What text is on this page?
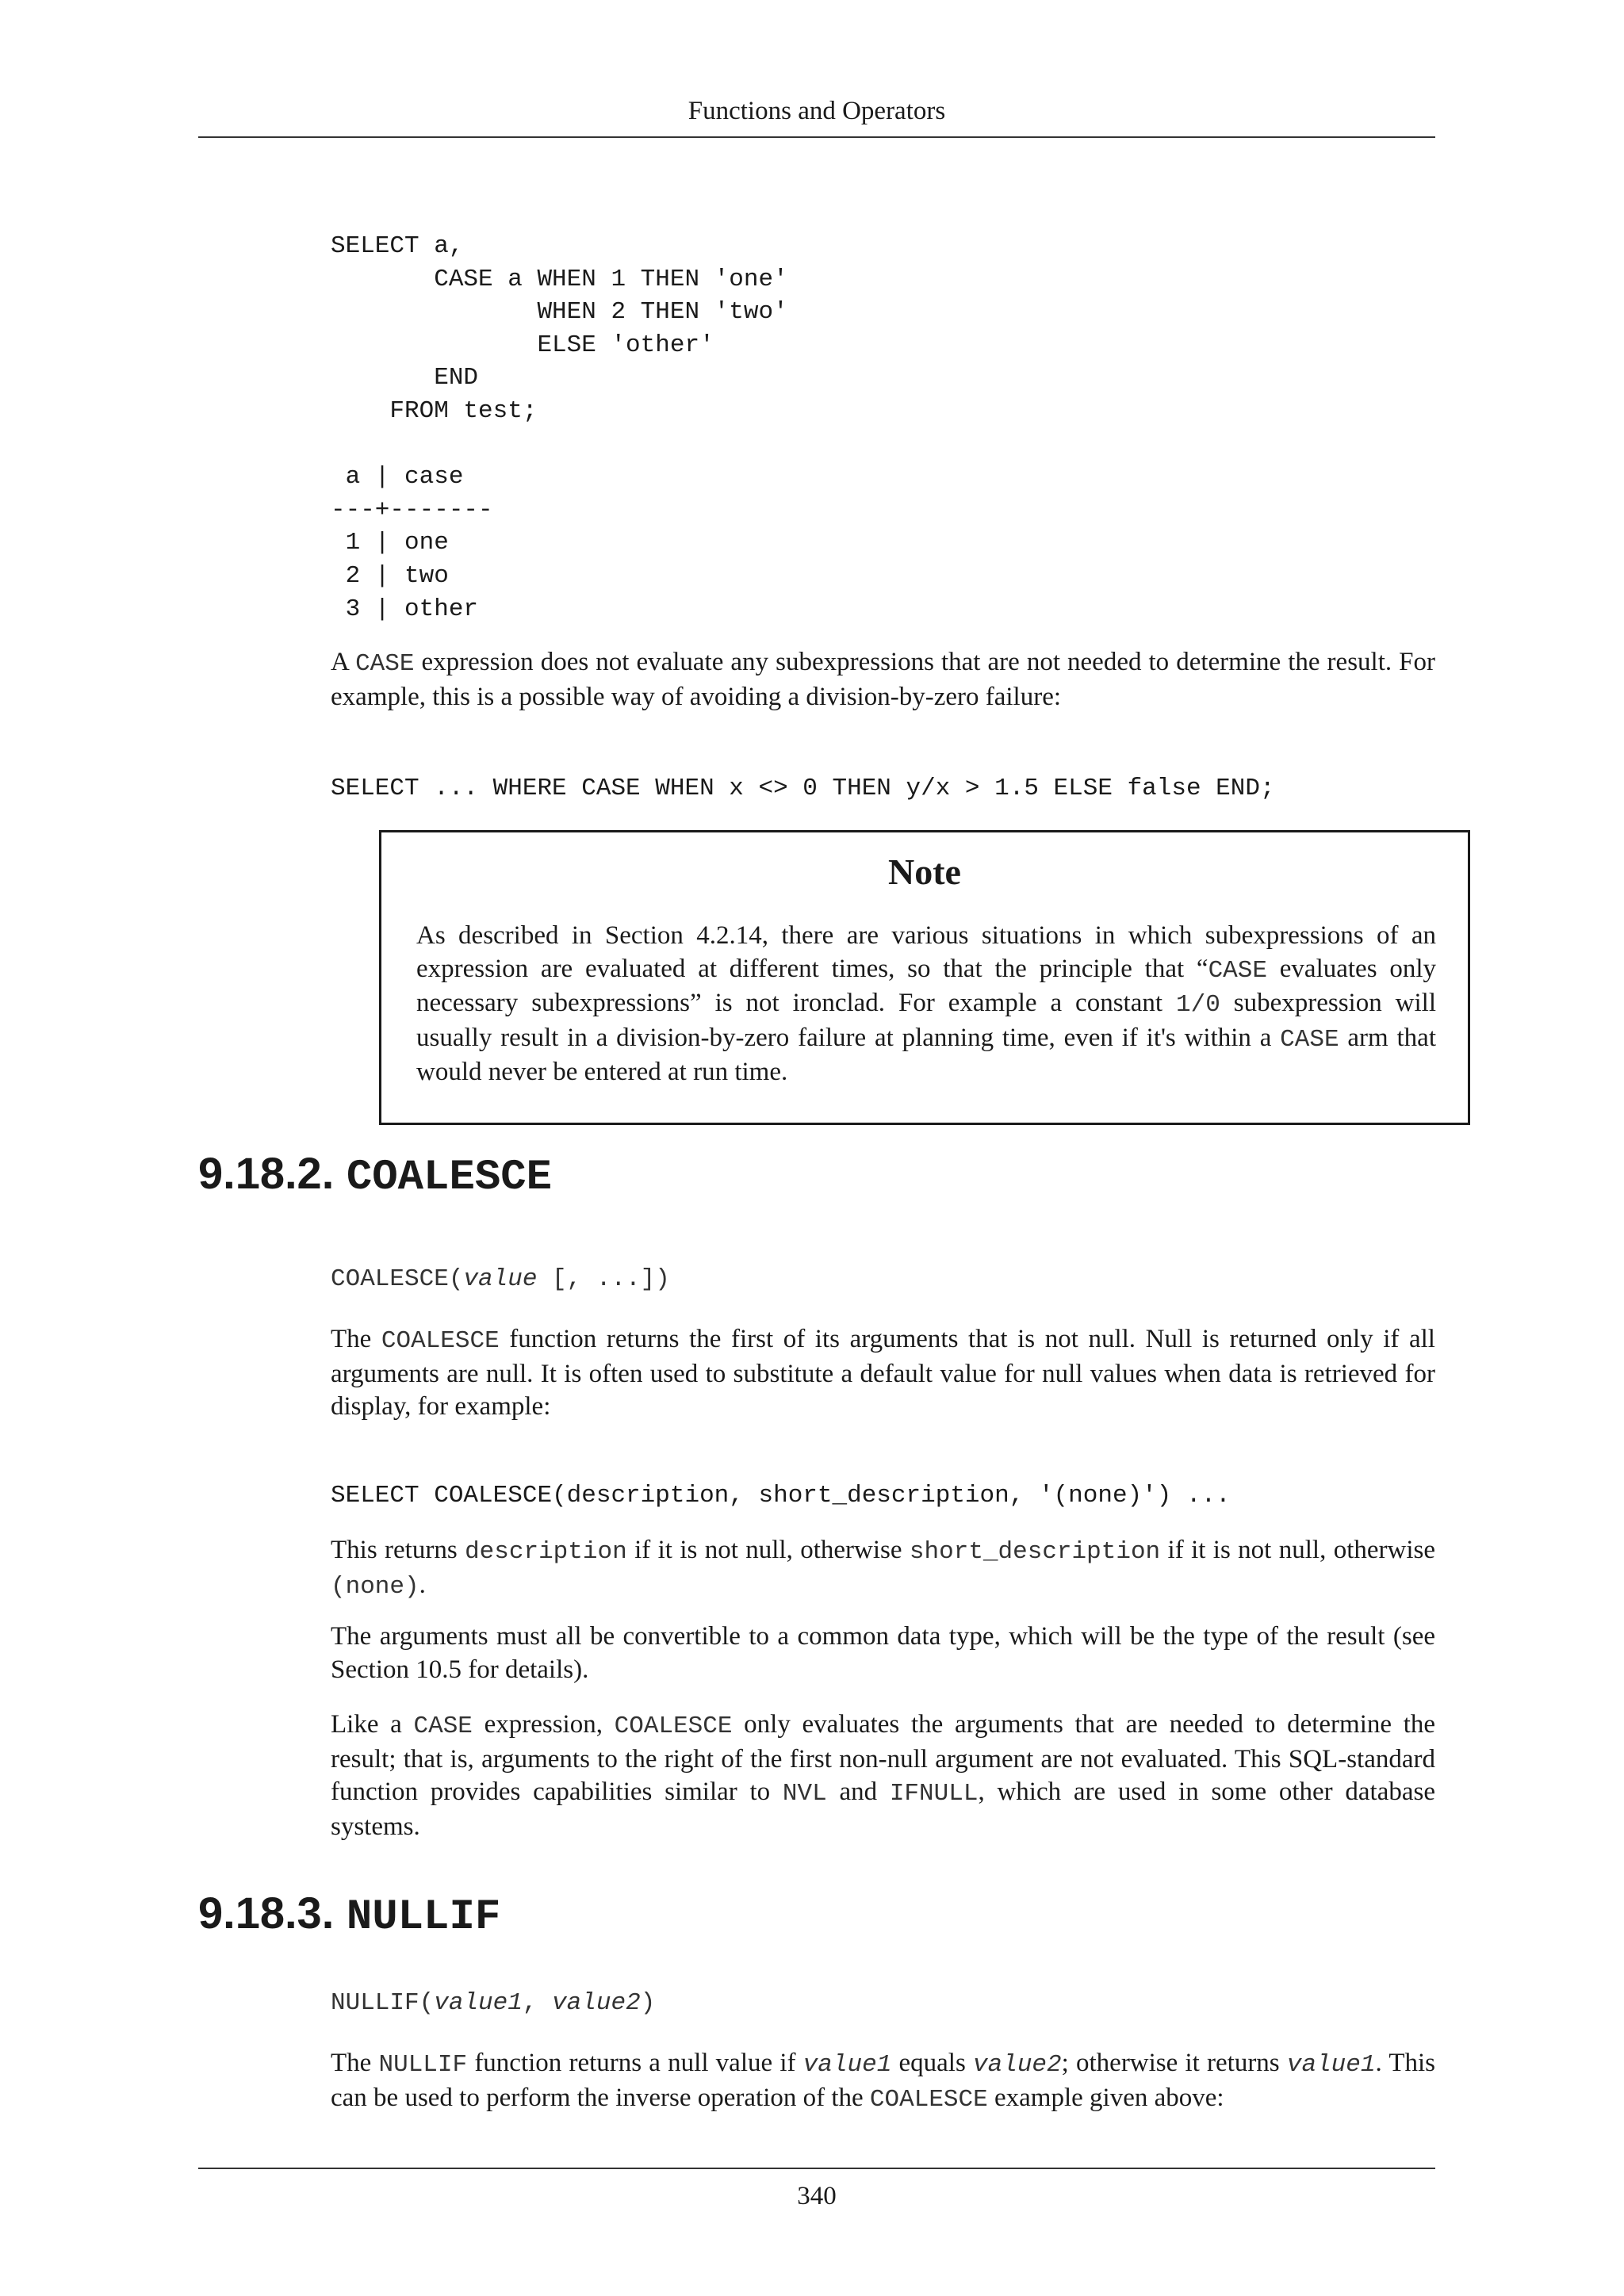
Functions and Operators
SELECT a,
CASE a WHEN 1 THEN 'one'
WHEN 2 THEN 'two'
ELSE 'other'
END
FROM test;

a | case
---+-------
1 | one
2 | two
3 | other

A CASE expression does not evaluate any subexpressions that are not needed to determine the result. For example, this is a possible way of avoiding a division-by-zero failure:

SELECT ... WHERE CASE WHEN x <> 0 THEN y/x > 1.5 ELSE false END;
Note

As described in Section 4.2.14, there are various situations in which subexpressions of an expression are evaluated at different times, so that the principle that “CASE evaluates only necessary subexpressions” is not ironclad. For example a constant 1/0 subexpression will usually result in a division-by-zero failure at planning time, even if it's within a CASE arm that would never be entered at run time.

9.18.2. COALESCE
COALESCE(value [, ...])

The COALESCE function returns the first of its arguments that is not null. Null is returned only if all arguments are null. It is often used to substitute a default value for null values when data is retrieved for display, for example:

SELECT COALESCE(description, short_description, '(none)') ...

This returns description if it is not null, otherwise short_description if it is not null, otherwise (none).

The arguments must all be convertible to a common data type, which will be the type of the result (see Section 10.5 for details).

Like a CASE expression, COALESCE only evaluates the arguments that are needed to determine the result; that is, arguments to the right of the first non-null argument are not evaluated. This SQL-standard function provides capabilities similar to NVL and IFNULL, which are used in some other database systems.

9.18.3. NULLIF
NULLIF(value1, value2)

The NULLIF function returns a null value if value1 equals value2; otherwise it returns value1. This can be used to perform the inverse operation of the COALESCE example given above:

340
